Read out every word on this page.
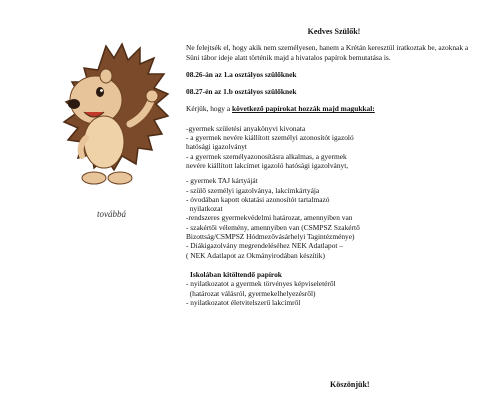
továbbá
Kedves Szülők!
Ne felejtsék el, hogy akik nem személyesen, hanem a Krétán keresztül iratkoztak be, azoknak a Süni tábor ideje alatt történik majd a hivatalos papírok bemutatása is.
08.26-án az 1.a osztályos szülőknek
08.27-én az 1.b osztályos szülőknek
Kérjük, hogy a következő papírokat hozzák majd magukkal:
-gyermek születési anyakönyvi kivonata
- a gyermek nevére kiállított személyi azonosítót igazoló
hatósági igazolványt
- a gyermek személyazonosításra alkalmas, a gyermek
nevére kiállított lakcímet igazoló hatósági igazolványt,
- gyermek TAJ kártyáját
- szülő személyi igazolványa, lakcímkártyája
- óvodában kapott oktatási azonosítót tartalmazó
nyilatkozat
-rendszeres gyermekvédelmi határozat, amennyiben van
- szakértői vélemény, amennyiben van (CSMPSZ Szakértő
Bizottság/CSMPSZ Hódmezővásárhelyi Tagintézménye)
- Diákigazolvány megrendeléséhez NEK Adatlapot –
( NEK Adatlapot az Okmányirodában készítik)
Iskolában kitöltendő papírok
- nyilatkozatot a gyermek törvényes képviseletéről
(határozat válásról, gyermekelhelyezésről)
- nyilatkozatot életvitelszerű lakcímről
Köszönjük!
